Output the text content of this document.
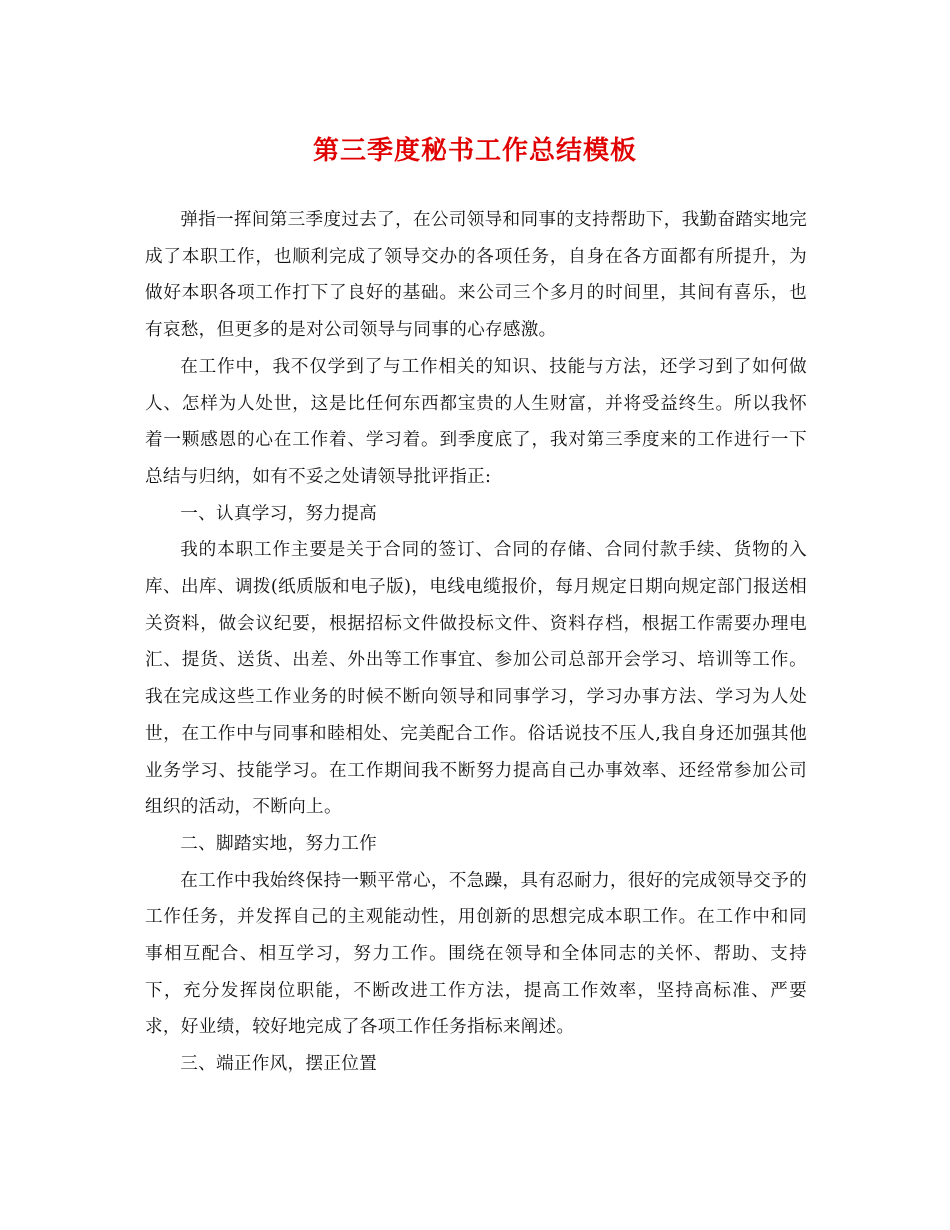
第三季度秘书工作总结模板

弹指一挥间第三季度过去了，在公司领导和同事的支持帮助下，我勤奋踏实地完成了本职工作，也顺利完成了领导交办的各项任务，自身在各方面都有所提升，为做好本职各项工作打下了良好的基础。来公司三个多月的时间里，其间有喜乐，也有哀愁，但更多的是对公司领导与同事的心存感激。

在工作中，我不仅学到了与工作相关的知识、技能与方法，还学习到了如何做人、怎样为人处世，这是比任何东西都宝贵的人生财富，并将受益终生。所以我怀着一颗感恩的心在工作着、学习着。到季度底了，我对第三季度来的工作进行一下总结与归纳，如有不妥之处请领导批评指正:

一、认真学习，努力提高

我的本职工作主要是关于合同的签订、合同的存储、合同付款手续、货物的入库、出库、调拨(纸质版和电子版)，电线电缆报价，每月规定日期向规定部门报送相关资料，做会议纪要，根据招标文件做投标文件、资料存档，根据工作需要办理电汇、提货、送货、出差、外出等工作事宜、参加公司总部开会学习、培训等工作。我在完成这些工作业务的时候不断向领导和同事学习，学习办事方法、学习为人处世，在工作中与同事和睦相处、完美配合工作。俗话说技不压人,我自身还加强其他业务学习、技能学习。在工作期间我不断努力提高自己办事效率、还经常参加公司组织的活动，不断向上。

二、脚踏实地，努力工作

在工作中我始终保持一颗平常心，不急躁，具有忍耐力，很好的完成领导交予的工作任务，并发挥自己的主观能动性，用创新的思想完成本职工作。在工作中和同事相互配合、相互学习，努力工作。围绕在领导和全体同志的关怀、帮助、支持下，充分发挥岗位职能，不断改进工作方法，提高工作效率，坚持高标准、严要求，好业绩，较好地完成了各项工作任务指标来阐述。

三、端正作风，摆正位置
